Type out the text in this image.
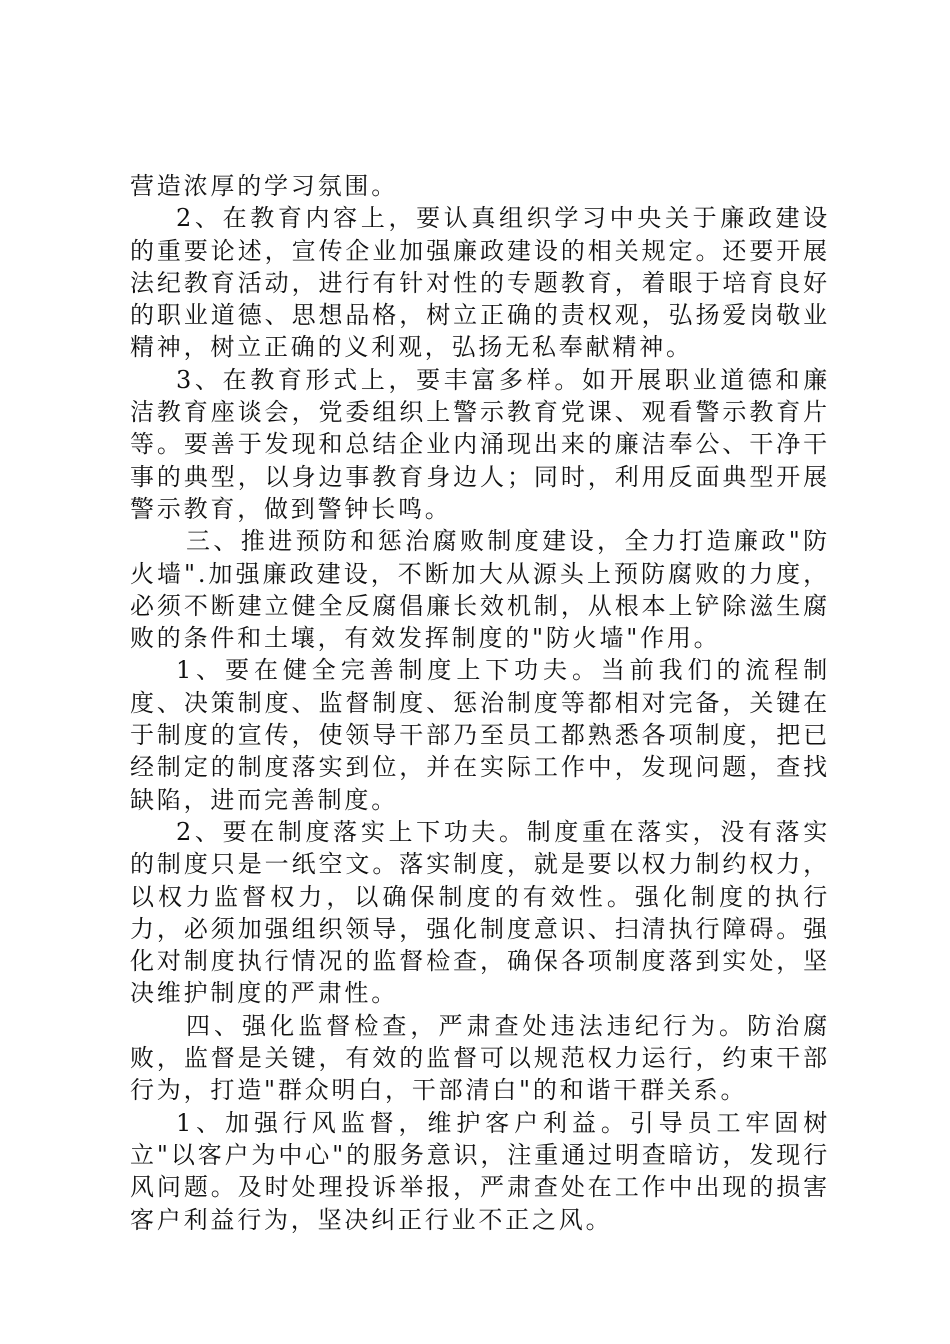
营造浓厚的学习氛围。

2、在教育内容上，要认真组织学习中央关于廉政建设的重要论述，宣传企业加强廉政建设的相关规定。还要开展法纪教育活动，进行有针对性的专题教育，着眼于培育良好的职业道德、思想品格，树立正确的责权观，弘扬爱岗敬业精神，树立正确的义利观，弘扬无私奉献精神。

3、在教育形式上，要丰富多样。如开展职业道德和廉洁教育座谈会，党委组织上警示教育党课、观看警示教育片等。要善于发现和总结企业内涌现出来的廉洁奉公、干净干事的典型，以身边事教育身边人；同时，利用反面典型开展警示教育，做到警钟长鸣。

三、推进预防和惩治腐败制度建设，全力打造廉政"防火墙".加强廉政建设，不断加大从源头上预防腐败的力度，必须不断建立健全反腐倡廉长效机制，从根本上铲除滋生腐败的条件和土壤，有效发挥制度的"防火墙"作用。

1、要在健全完善制度上下功夫。当前我们的流程制度、决策制度、监督制度、惩治制度等都相对完备，关键在于制度的宣传，使领导干部乃至员工都熟悉各项制度，把已经制定的制度落实到位，并在实际工作中，发现问题，查找缺陷，进而完善制度。

2、要在制度落实上下功夫。制度重在落实，没有落实的制度只是一纸空文。落实制度，就是要以权力制约权力，以权力监督权力，以确保制度的有效性。强化制度的执行力，必须加强组织领导，强化制度意识、扫清执行障碍。强化对制度执行情况的监督检查，确保各项制度落到实处，坚决维护制度的严肃性。

四、强化监督检查，严肃查处违法违纪行为。防治腐败，监督是关键，有效的监督可以规范权力运行，约束干部行为，打造"群众明白，干部清白"的和谐干群关系。

1、加强行风监督，维护客户利益。引导员工牢固树立"以客户为中心"的服务意识，注重通过明查暗访，发现行风问题。及时处理投诉举报，严肃查处在工作中出现的损害客户利益行为，坚决纠正行业不正之风。
